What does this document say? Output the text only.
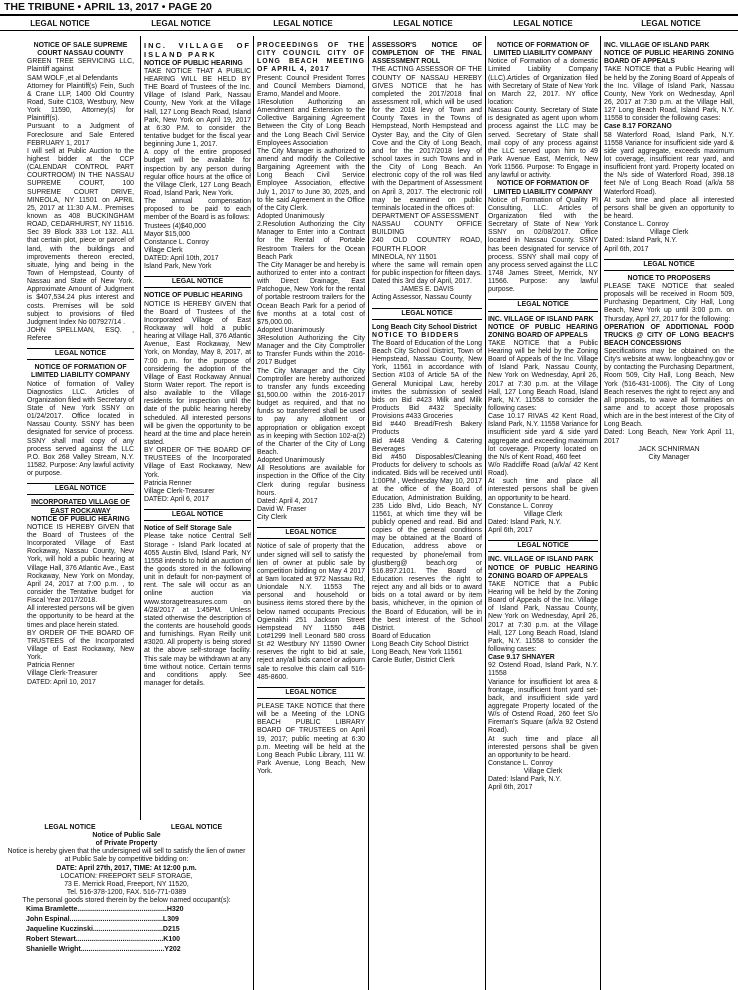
THE TRIBUNE • APRIL 13, 2017 • PAGE 20
LEGAL NOTICE	LEGAL NOTICE	LEGAL NOTICE	LEGAL NOTICE	LEGAL NOTICE	LEGAL NOTICE

NOTICE OF SALE SUPREME COURT NASSAU COUNTY

GREEN TREE SERVICING LLC, Plaintiff against

SAM WOLF ,et al Defendants

Attorney for Plaintiff(s) Fein, Such & Crane LLP, 1400 Old Country Road, Suite C103, Westbury, New York 11590, Attorney(s) for Plaintiff(s).

Pursuant to a Judgment of Foreclosure and Sale Entered FEBRUARY 1, 2017

I will sell at Public Auction to the highest bidder at the CCP (CALENDAR CONTROL PART COURTROOM) IN THE NASSAU SUPREME COURT, 100 SUPREME COURT DRIVE, MINEOLA, NY 11501 on APRIL 25, 2017 at 11:30 A.M.. Premises known as 408 BUCKINGHAM ROAD, CEDARHURST, NY 11516. Sec 39 Block 333 Lot 132. ALL that certain plot, piece or parcel of land, with the buildings and improvements thereon erected, situate, lying and being in the Town of Hempstead, County of Nassau and State of New York. Approximate Amount of Judgment is $407,534.24 plus interest and costs. Premises will be sold subject to provisions of filed Judgment Index No 007927/14 .

JOHN SPELLMAN, ESQ. , Referee

LEGAL NOTICE

NOTICE OF FORMATION OF LIMITED LIABILITY COMPANY

Notice of formation of Valley Diagnostics LLC. Articles of Organization filed with Secretary of State of New York SSNY on 01/24/2017. Office located in Nassau County. SSNY has been designated for service of process. SSNY shall mail copy of any process served against the LLC P.O. Box 268 Valley Stream, N.Y. 11582. Purpose: Any lawful activity or purpose.

LEGAL NOTICE

INCORPORATED VILLAGE OF EAST ROCKAWAY

NOTICE OF PUBLIC HEARING

NOTICE IS HEREBY GIVEN that the Board of Trustees of the Incorporated Village of East Rockaway, Nassau County, New York, will hold a public hearing at Village Hall, 376 Atlantic Ave., East Rockaway, New York on Monday, April 24, 2017 at 7:00 p.m. , to consider the Tentative budget for Fiscal Year 2017/2018.

All interested persons will be given the opportunity to be heard at the times and place herein stated.

BY ORDER OF THE BOARD OF TRUSTEES of the Incorporated Village of East Rockaway, New York.

Patricia Renner

Village Clerk-Treasurer

DATED: April 10, 2017

INC. VILLAGE OF ISLAND PARK

NOTICE OF PUBLIC HEARING

TAKE NOTICE THAT A PUBLIC HEARING WILL BE HELD BY THE Board of Trustees of the Inc. Village of Island Park, Nassau County, New York at the Village Hall, 127 Long Beach Road, Island Park, New York on April 19, 2017 at 6:30 P.M. to consider the tentative budget for the fiscal year beginning June 1, 2017.

A copy of the entire proposed budget will be available for inspection by any person during regular office hours at the office of the Village Clerk, 127 Long Beach Road, Island Park, New York.

The annual compensation proposed to be paid to each member of the Board is as follows:

Trustees (4)$40,000

Mayor $15,000

Constance L. Conroy

Village Clerk

DATED: April 10th, 2017

Island Park, New York

LEGAL NOTICE

NOTICE OF PUBLIC HEARING

NOTICE IS HEREBY GIVEN that the Board of Trustees of the Incorporated Village of East Rockaway will hold a public hearing at Village Hall, 376 Atlantic Avenue, East Rockaway, New York, on Monday, May 8, 2017, at 7:00 p.m. for the purpose of considering the adoption of the Village of East Rockaway Annual Storm Water report. The report is also available to the Village residents for inspection until the date of the public hearing hereby scheduled. All interested persons will be given the opportunity to be heard at the time and place herein stated.

BY ORDER OF THE BOARD OF TRUSTEES of the Incorporated Village of East Rockaway, New York.

Patricia Renner

Village Clerk-Treasurer

DATED: April 6, 2017

LEGAL NOTICE

Notice of Self Storage Sale

Please take notice Central Self Storage - Island Park located at 4055 Austin Blvd, Island Park, NY 11558 intends to hold an auction of the goods stored in the following unit in default for non-payment of rent. The sale will occur as an online auction via www.storagetreasures.com on 4/28/2017 at 1:45PM. Unless stated otherwise the description of the contents are household goods and furnishings. Ryan Reilly unit #3020. All property is being stored at the above self-storage facility. This sale may be withdrawn at any time without notice. Certain terms and conditions apply. See manager for details.

PROCEEDINGS OF THE CITY COUNCIL CITY OF LONG BEACH MEETING OF APRIL 4, 2017

Present: Council President Torres and Council Members Diamond, Eramo, Mandel and Moore.

1Resolution Authorizing an Amendment and Extension to the Collective Bargaining Agreement Between the City of Long Beach and the Long Beach Civil Service Employees Association

The City Manager is authorized to amend and modify the Collective Bargaining Agreement with the Long Beach Civil Service Employee Association, effective July 1, 2017 to June 30, 2025, and to file said Agreement in the Office of the City Clerk.

Adopted Unanimously

2.Resolution Authorizing the City Manager to Enter into a Contract for the Rental of Portable Restroom Trailers for the Ocean Beach Park

The City Manager be and hereby is authorized to enter into a contract with Direct Drainage, East Patchogue, New York for the rental of portable restroom trailers for the Ocean Beach Park for a period of five months at a total cost of $75,000.00.

Adopted Unanimously

3Resolution Authorizing the City Manager and the City Comptroller to Transfer Funds within the 2016-2017 Budget

The City Manager and the City Comptroller are hereby authorized to transfer any funds exceeding $1,500.00 within the 2016-2017 budget as required, and that no funds so transferred shall be used to pay any allotment or appropriation or obligation except as in keeping with Section 102-a(2) of the Charter of the City of Long Beach.

Adopted Unanimously

All Resolutions are available for inspection in the Office of the City Clerk during regular business hours.

Dated: April 4, 2017

David W. Fraser

City Clerk

LEGAL NOTICE

Notice of sale of property that the under signed will sell to satisfy the lien of owner at public sale by competition bidding on May 4 2017 at 9am located at 972 Nassau Rd, Uniondale N.Y. 11553 The personal and household or business items stored there by the below named occupants Precious Ogienakhi 251 Jackson Street Hempstead NY 11550 #4B Lot#1299 Inell Leonard 580 cross St #2 Westbury NY 11590 Owner reserves the right to bid at sale, reject any/all bids cancel or adjourn sale to resolve this claim call 516-485-8600.

LEGAL NOTICE

PLEASE TAKE NOTICE that there will be a Meeting of the LONG BEACH PUBLIC LIBRARY BOARD OF TRUSTEES on April 19, 2017; public meeting at 6:30 p.m. Meeting will be held at the Long Beach Public Library, 111 W. Park Avenue, Long Beach, New York.

ASSESSOR'S NOTICE OF COMPLETION OF THE FINAL ASSESSMENT ROLL

THE ACTING ASSESSOR OF THE COUNTY OF NASSAU HEREBY GIVES NOTICE that he has completed the 2017/2018 final assessment roll, which will be used for the 2018 levy of Town and County Taxes in the Towns of Hempstead, North Hempstead and Oyster Bay, and the City of Glen Cove and the City of Long Beach, and for the 2017/2018 levy of school taxes in such Towns and in the City of Long Beach. An electronic copy of the roll was filed with the Department of Assessment on April 3, 2017. The electronic roll may be examined on public terminals located in the offices of:

DEPARTMENT OF ASSESSMENT

NASSAU COUNTY OFFICE BUILDING

240 OLD COUNTRY ROAD, FOURTH FLOOR

MINEOLA, NY 11501

where the same will remain open for public inspection for fifteen days.

Dated this 3rd day of April, 2017.

JAMES E. DAVIS

Acting Assessor, Nassau County

LEGAL NOTICE

Long Beach City School District

NOTICE TO BIDDERS

The Board of Education of the Long Beach City School District, Town of Hempstead, Nassau County, New York, 11561 in accordance with Section #103 of Article 5A of the General Municipal Law, hereby invites the submission of sealed bids on Bid #423 Milk and Milk Products Bid #432 Specialty Provisions #433 Groceries

Bid #440 Bread/Fresh Bakery Products

Bid #448 Vending & Catering Beverages

Bid #450 Disposables/Cleaning Products for delivery to schools as indicated. Bids will be received until 1:00PM , Wednesday May 10, 2017 at the office of the Board of Education, Administration Building, 235 Lido Blvd, Lido Beach, NY 11561, at which time they will be publicly opened and read. Bid and copies of the general conditions may be obtained at the Board of Education, address above or requested by phone/email from glustberg@ beach.org or 516.897.2101. The Board of Education reserves the right to reject any and all bids or to award bids on a total award or by item basis, whichever, in the opinion of the Board of Education, will be in the best interest of the School District.

Board of Education

Long Beach City School District

Long Beach, New York 11561

Carole Butler, District Clerk

NOTICE OF FORMATION OF LIMITED LIABILITY COMPANY

Notice of Formation of a domestic Limited Liability Company (LLC).Articles of Organization filed with Secretary of State of New York on March 22, 2017. NY office location:

Nassau County. Secretary of State is designated as agent upon whom process against the LLC may be served. Secretary of State shall mail copy of any process against the LLC served upon him to 49 Park Avenue East, Merrick, New York 11566. Purpose: To Engage in any lawful or activity.

NOTICE OF FORMATION OF LIMITED LIABILITY COMPANY

Notice of Formation of Quality PI Consulting, LLC. Articles of Organization filed with the Secretary of State of New York SSNY on 02/08/2017. Office located in Nassau County. SSNY has been designated for service of process. SSNY shall mail copy of any process served against the LLC 1748 James Street, Merrick, NY 11566. Purpose: any lawful purpose.

LEGAL NOTICE

INC. VILLAGE OF ISLAND PARK

NOTICE OF PUBLIC HEARING ZONING BOARD OF APPEALS

TAKE NOTICE that a Public Hearing will be held by the Zoning Board of Appeals of the Inc. Village of Island Park, Nassau County, New York on Wednesday, April 26, 2017 at 7:30 p.m. at the Village Hall, 127 Long Beach Road, Island Park, N.Y. 11558 to consider the following cases:

Case 10.17 RIVAS 42 Kent Road, Island Park, N.Y. 11558 Variance for insufficient side yard & side yard aggregate and exceeding maximum lot coverage. Property located on the N/s of Kent Road, 460 feet

W/o Radcliffe Road (a/k/a/ 42 Kent Road).

At such time and place all interested persons shall be given an opportunity to be heard.

Constance L. Conroy

Village Clerk

Dated: Island Park, N.Y.

April 6th, 2017

LEGAL NOTICE

INC. VILLAGE OF ISLAND PARK

NOTICE OF PUBLIC HEARING ZONING BOARD OF APPEALS

TAKE NOTICE that a Public Hearing will be held by the Zoning Board of Appeals of the Inc. Village of Island Park, Nassau County, New York on Wednesday, April 26, 2017 at 7:30 p.m. at the Village Hall, 127 Long Beach Road, Island Park, N.Y. 11558 to consider the following cases:

Case 9.17 SHNAYER

92 Ostend Road, Island Park, N.Y. 11558

Variance for insufficient lot area & frontage, insufficient front yard set-back, and insufficient side yard aggregate Property located of the W/s of Ostend Road, 260 feet S/o Fireman's Square (a/k/a 92 Ostend Road).

At such time and place all interested persons shall be given an opportunity to be heard.

Constance L. Conroy

Village Clerk

Dated: Island Park, N.Y.

April 6th, 2017

INC. VILLAGE OF ISLAND PARK

NOTICE OF PUBLIC HEARING ZONING BOARD OF APPEALS

TAKE NOTICE that a Public Hearing will be held by the Zoning Board of Appeals of the Inc. Village of Island Park, Nassau County, New York on Wednesday, April 26, 2017 at 7:30 p.m. at the Village Hall, 127 Long Beach Road, Island Park, N.Y. 11558 to consider the following cases:

Case 8.17 FORZANO

58 Waterford Road, Island Park, N.Y. 11558 Variance for insufficient side yard & side yard aggregate, exceeds maximum lot coverage, insufficient rear yard, and insufficient front yard. Property located on the N/s side of Waterford Road, 398.18 feet N/e of Long Beach Road (a/k/a 58 Waterford Road).

At such time and place all interested persons shall be given an opportunity to be heard.

Constance L. Conroy

Village Clerk

Dated: Island Park, N.Y.

April 6th, 2017

LEGAL NOTICE

NOTICE TO PROPOSERS

PLEASE TAKE NOTICE that sealed proposals will be received in Room 509, Purchasing Department, City Hall, Long Beach, New York up until 3:00 p.m. on Thursday, April 27, 2017 for the following:

OPERATION OF ADDITIONAL FOOD TRUCKS @ CITY OF LONG BEACH'S BEACH CONCESSIONS

Specifications may be obtained on the City's website at www. longbeachny.gov or by contacting the Purchasing Department, Room 509, City Hall, Long Beach, New York (516-431-1006). The City of Long Beach reserves the right to reject any and all proposals, to waive all formalities on same and to accept those proposals which are in the best interest of the City of Long Beach.

Dated: Long Beach, New York April 11, 2017

JACK SCHNIRMAN

City Manager

LEGAL NOTICE	LEGAL NOTICE

Notice of Public Sale

of Private Property

Notice is hereby given that the undersigned will sell to satisfy the lien of owner at Public Sale by competitive bidding on:

DATE: April 27th, 2017, TIME: At 12:00 p.m.

LOCATION: FREEPORT SELF STORAGE,

73 E. Merrick Road, Freeport, NY 11520,

Tel. 516-378-1200, FAX. 516-771-0389

The personal goods stored therein by the below named occupant(s):

Kima Bramlette..............................................H320
John Espinal................................................L309
Jaqueline Kuczinski....................................D215
Robert Stewart.............................................K100
Shanielle Wright...........................................Y202
